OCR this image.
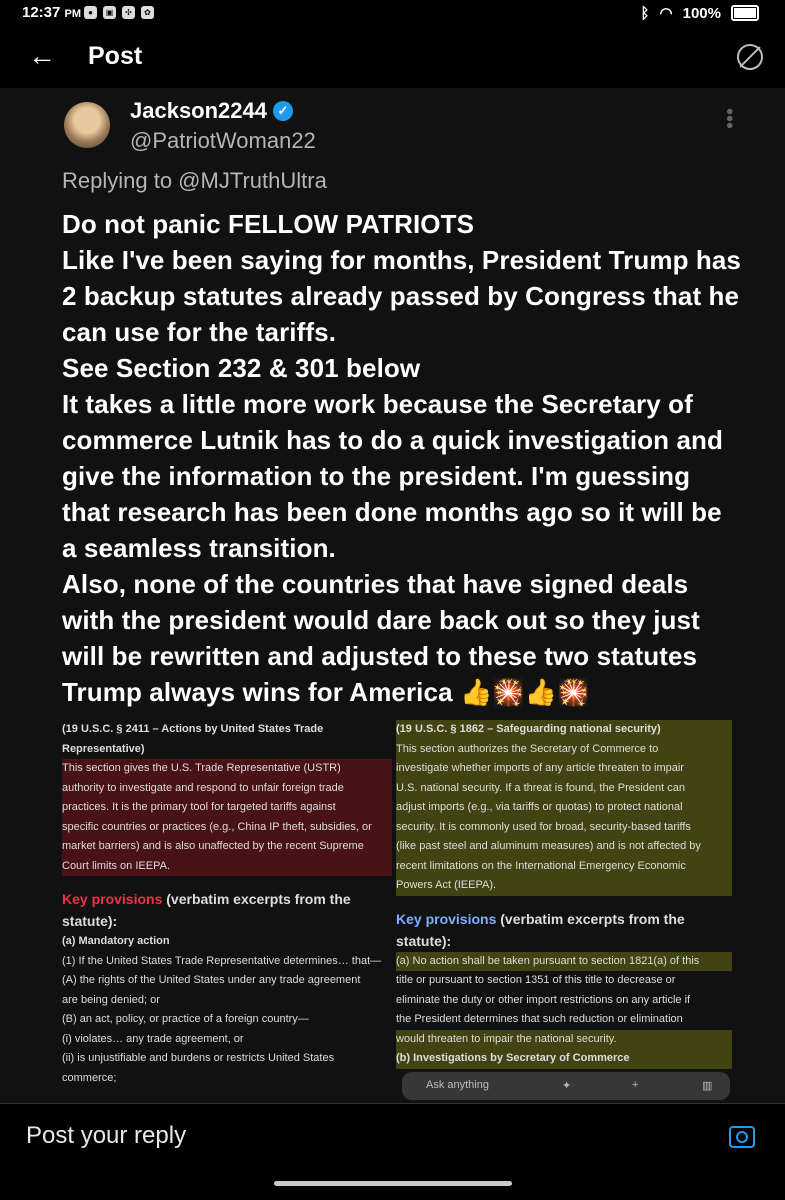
12:37 PM ●	▣	✣	✿	ᛒ ◠ 100%
← Post
Jackson2244 ✓
@PatriotWoman22
•••
Replying to @MJTruthUltra

Do not panic FELLOW PATRIOTS

Like I've been saying for months, President Trump has 2 backup statutes already passed by Congress that he can use for the tariffs.

See Section 232 & 301 below

It takes a little more work because the Secretary of commerce Lutnik has to do a quick investigation and give the information to the president. I'm guessing that research has been done months ago so it will be a seamless transition.

Also, none of the countries that have signed deals with the president would dare back out so they just will be rewritten and adjusted to these two statutes

Trump always wins for America 👍🎇👍🎇

(19 U.S.C. § 2411 – Actions by United States Trade
Representative)
This section gives the U.S. Trade Representative (USTR)
authority to investigate and respond to unfair foreign trade
practices. It is the primary tool for targeted tariffs against
specific countries or practices (e.g., China IP theft, subsidies, or
market barriers) and is also unaffected by the recent Supreme
Court limits on IEEPA.
Key provisions (verbatim excerpts from the statute):
(a) Mandatory action
(1) If the United States Trade Representative determines… that—
(A) the rights of the United States under any trade agreement
are being denied; or
(B) an act, policy, or practice of a foreign country—
(i) violates… any trade agreement, or
(ii) is unjustifiable and burdens or restricts United States
commerce;
(19 U.S.C. § 1862 – Safeguarding national security)
This section authorizes the Secretary of Commerce to
investigate whether imports of any article threaten to impair
U.S. national security. If a threat is found, the President can
adjust imports (e.g., via tariffs or quotas) to protect national
security. It is commonly used for broad, security-based tariffs
(like past steel and aluminum measures) and is not affected by
recent limitations on the International Emergency Economic
Powers Act (IEEPA).
Key provisions (verbatim excerpts from the statute):
(a) No action shall be taken pursuant to section 1821(a) of this
title or pursuant to section 1351 of this title to decrease or
eliminate the duty or other import restrictions on any article if
the President determines that such reduction or elimination
would threaten to impair the national security.
(b) Investigations by Secretary of Commerce
Ask anything	✦	+	▥
Post your reply
